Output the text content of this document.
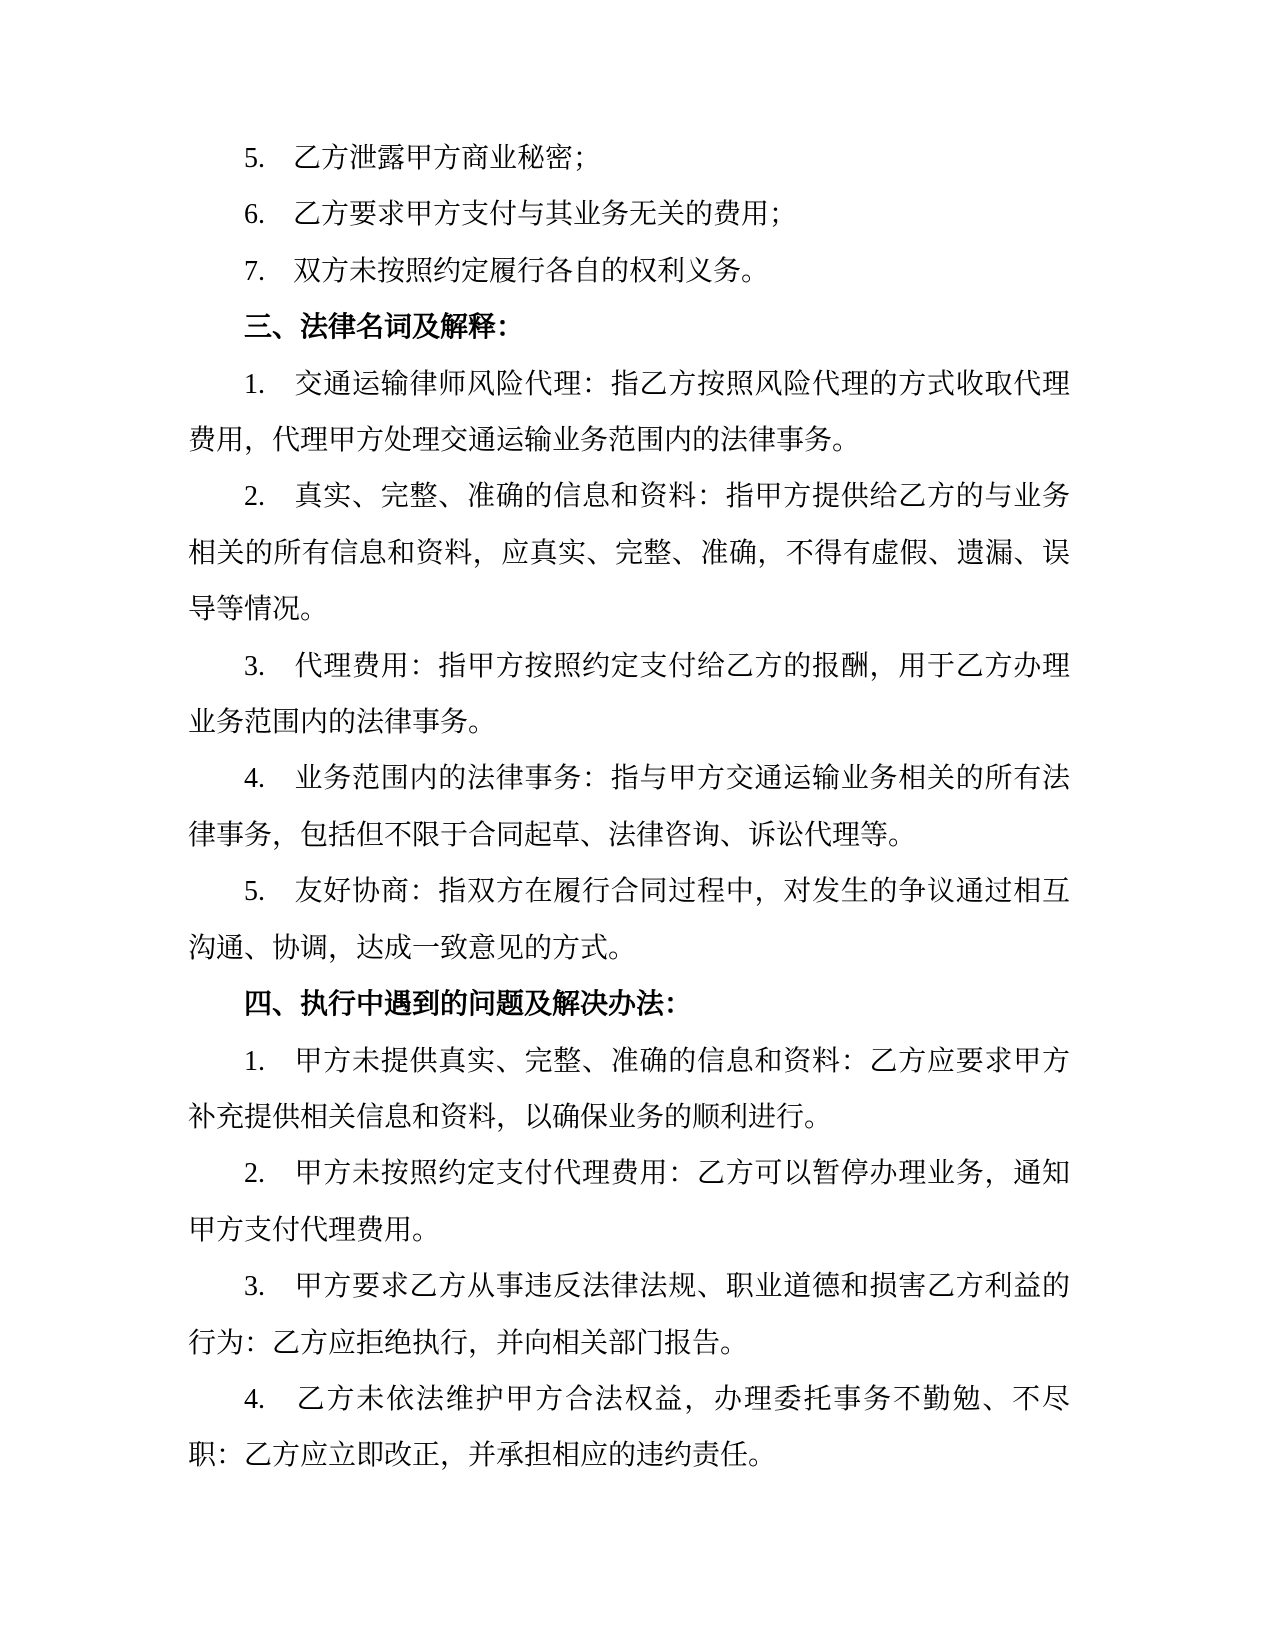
5.　乙方泄露甲方商业秘密；

6.　乙方要求甲方支付与其业务无关的费用；

7.　双方未按照约定履行各自的权利义务。

三、法律名词及解释：

1.　交通运输律师风险代理：指乙方按照风险代理的方式收取代理费用，代理甲方处理交通运输业务范围内的法律事务。

2.　真实、完整、准确的信息和资料：指甲方提供给乙方的与业务相关的所有信息和资料，应真实、完整、准确，不得有虚假、遗漏、误导等情况。

3.　代理费用：指甲方按照约定支付给乙方的报酬，用于乙方办理业务范围内的法律事务。

4.　业务范围内的法律事务：指与甲方交通运输业务相关的所有法律事务，包括但不限于合同起草、法律咨询、诉讼代理等。

5.　友好协商：指双方在履行合同过程中，对发生的争议通过相互沟通、协调，达成一致意见的方式。

四、执行中遇到的问题及解决办法：

1.　甲方未提供真实、完整、准确的信息和资料：乙方应要求甲方补充提供相关信息和资料，以确保业务的顺利进行。

2.　甲方未按照约定支付代理费用：乙方可以暂停办理业务，通知甲方支付代理费用。

3.　甲方要求乙方从事违反法律法规、职业道德和损害乙方利益的行为：乙方应拒绝执行，并向相关部门报告。

4.　乙方未依法维护甲方合法权益，办理委托事务不勤勉、不尽职：乙方应立即改正，并承担相应的违约责任。
